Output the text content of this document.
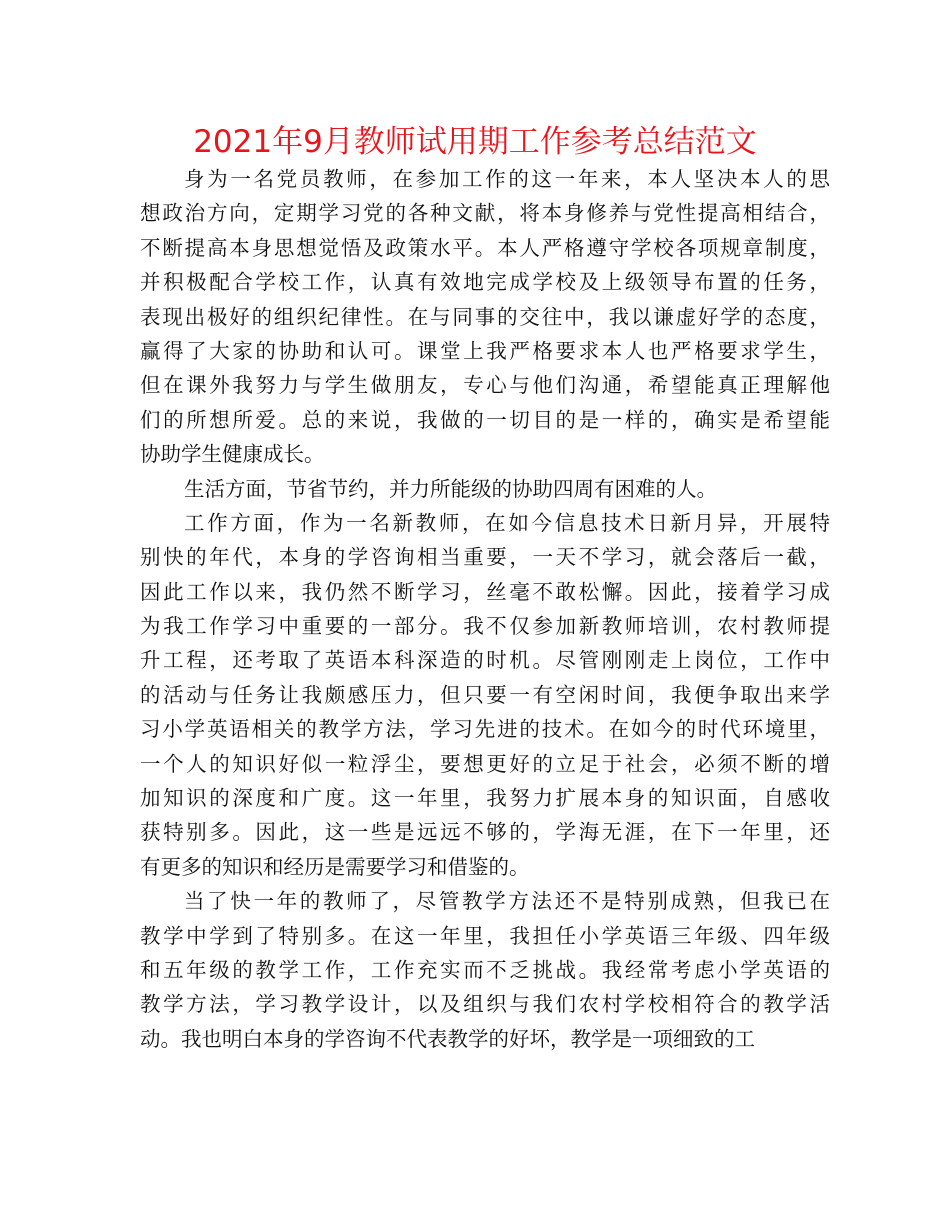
2021年9月教师试用期工作参考总结范文
身为一名党员教师，在参加工作的这一年来，本人坚决本人的思
想政治方向，定期学习党的各种文献，将本身修养与党性提高相结合，
不断提高本身思想觉悟及政策水平。本人严格遵守学校各项规章制度，
并积极配合学校工作，认真有效地完成学校及上级领导布置的任务，
表现出极好的组织纪律性。在与同事的交往中，我以谦虚好学的态度，
赢得了大家的协助和认可。课堂上我严格要求本人也严格要求学生，
但在课外我努力与学生做朋友，专心与他们沟通，希望能真正理解他
们的所想所爱。总的来说，我做的一切目的是一样的，确实是希望能
协助学生健康成长。
生活方面，节省节约，并力所能级的协助四周有困难的人。
工作方面，作为一名新教师，在如今信息技术日新月异，开展特
别快的年代，本身的学咨询相当重要，一天不学习，就会落后一截，
因此工作以来，我仍然不断学习，丝毫不敢松懈。因此，接着学习成
为我工作学习中重要的一部分。我不仅参加新教师培训，农村教师提
升工程，还考取了英语本科深造的时机。尽管刚刚走上岗位，工作中
的活动与任务让我颇感压力，但只要一有空闲时间，我便争取出来学
习小学英语相关的教学方法，学习先进的技术。在如今的时代环境里，
一个人的知识好似一粒浮尘，要想更好的立足于社会，必须不断的增
加知识的深度和广度。这一年里，我努力扩展本身的知识面，自感收
获特别多。因此，这一些是远远不够的，学海无涯，在下一年里，还
有更多的知识和经历是需要学习和借鉴的。
当了快一年的教师了，尽管教学方法还不是特别成熟，但我已在
教学中学到了特别多。在这一年里，我担任小学英语三年级、四年级
和五年级的教学工作，工作充实而不乏挑战。我经常考虑小学英语的
教学方法，学习教学设计，以及组织与我们农村学校相符合的教学活
动。我也明白本身的学咨询不代表教学的好坏，教学是一项细致的工
